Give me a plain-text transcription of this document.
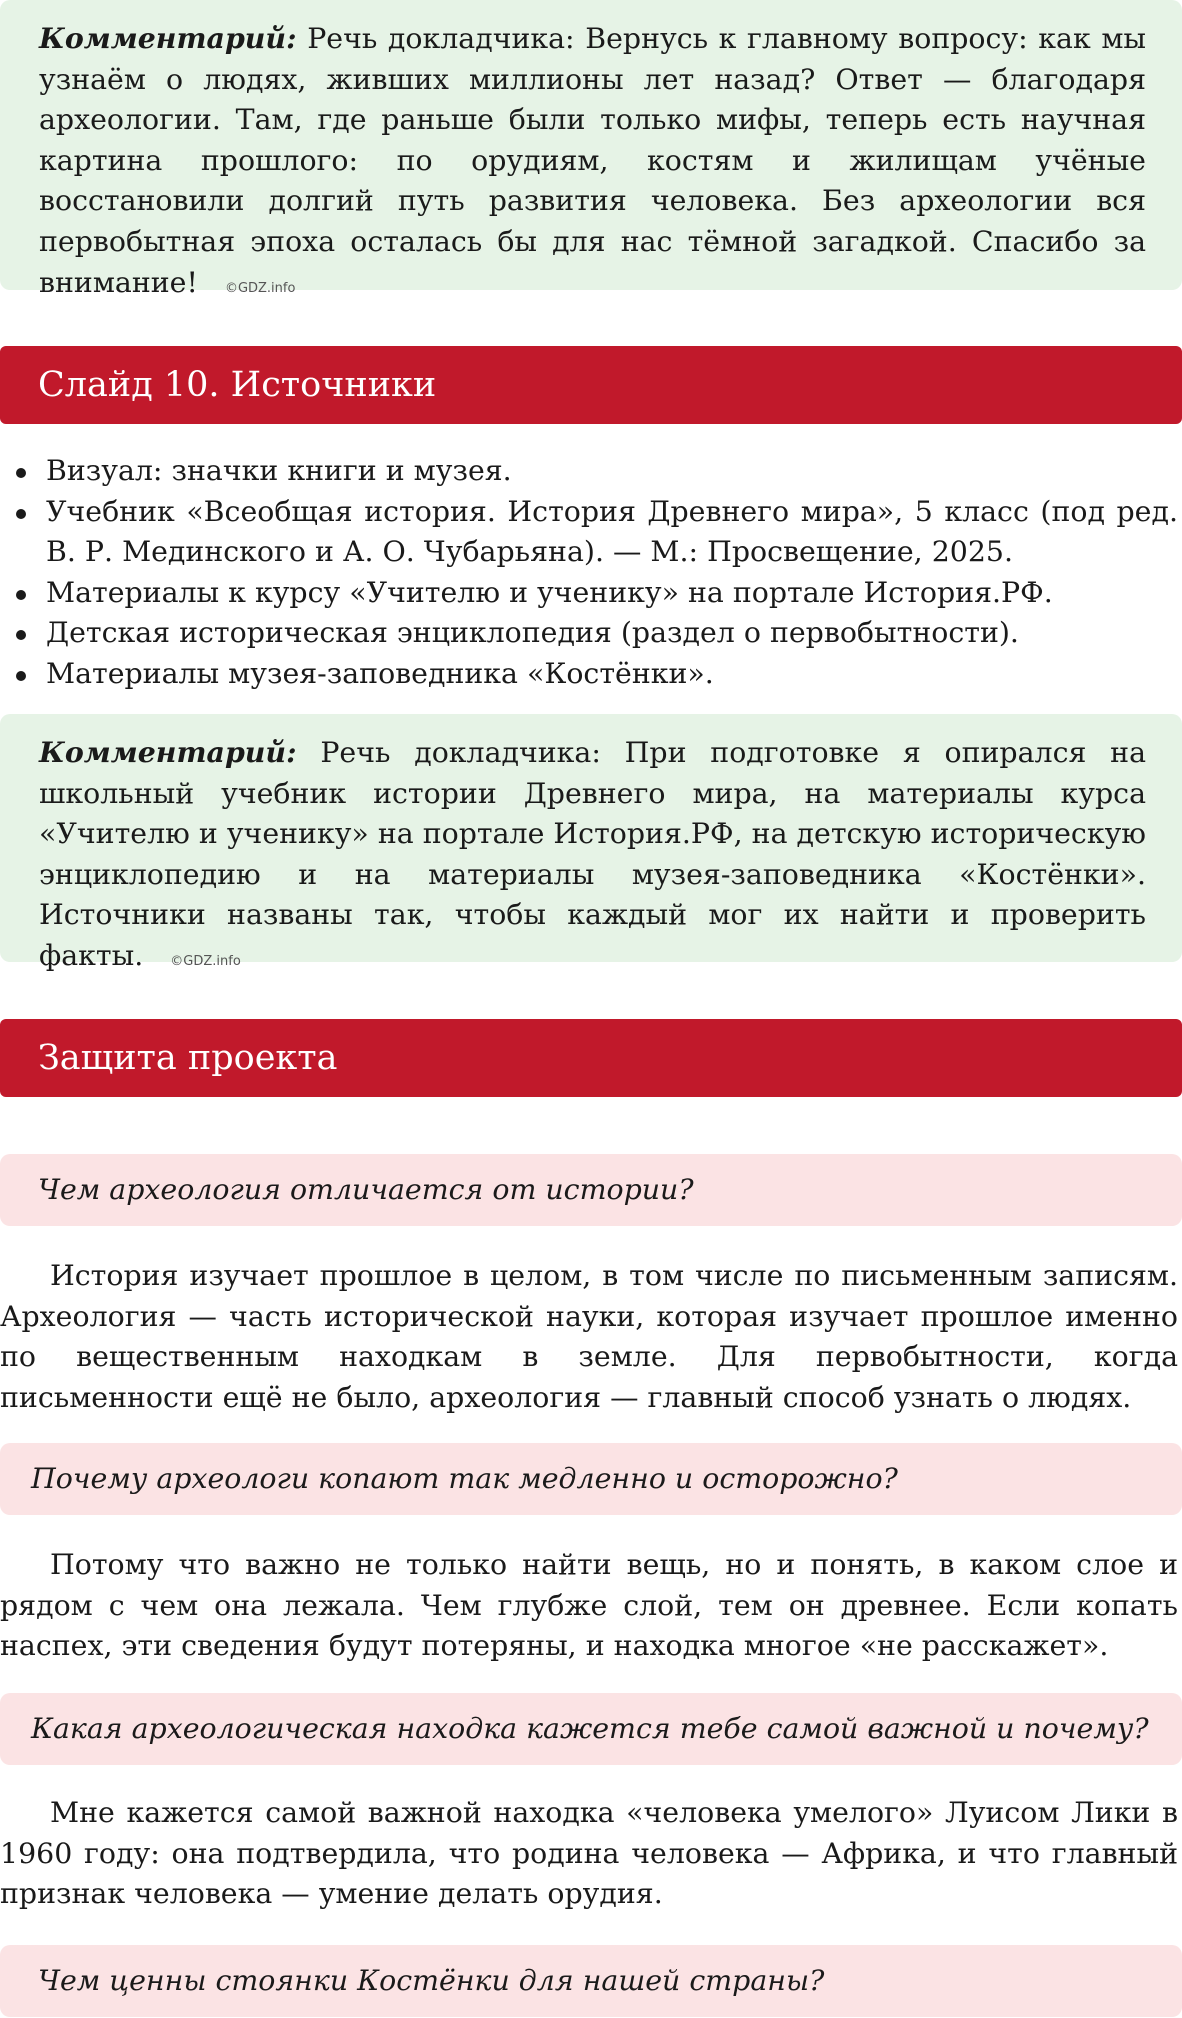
Комментарий: Речь докладчика: Вернусь к главному вопросу: как мы узнаём о людях, живших миллионы лет назад? Ответ — благодаря археологии. Там, где раньше были только мифы, теперь есть научная картина прошлого: по орудиям, костям и жилищам учёные восстановили долгий путь развития человека. Без археологии вся первобытная эпоха осталась бы для нас тёмной загадкой. Спасибо за внимание! ©GDZ.info
Слайд 10. Источники
Визуал: значки книги и музея.
Учебник «Всеобщая история. История Древнего мира», 5 класс (под ред. В. Р. Мединского и А. О. Чубарьяна). — М.: Просвещение, 2025.
Материалы к курсу «Учителю и ученику» на портале История.РФ.
Детская историческая энциклопедия (раздел о первобытности).
Материалы музея-заповедника «Костёнки».
Комментарий: Речь докладчика: При подготовке я опирался на школьный учебник истории Древнего мира, на материалы курса «Учителю и ученику» на портале История.РФ, на детскую историческую энциклопедию и на материалы музея-заповедника «Костёнки». Источники названы так, чтобы каждый мог их найти и проверить факты. ©GDZ.info
Защита проекта
Чем археология отличается от истории?
История изучает прошлое в целом, в том числе по письменным записям. Археология — часть исторической науки, которая изучает прошлое именно по вещественным находкам в земле. Для первобытности, когда письменности ещё не было, археология — главный способ узнать о людях.
Почему археологи копают так медленно и осторожно?
Потому что важно не только найти вещь, но и понять, в каком слое и рядом с чем она лежала. Чем глубже слой, тем он древнее. Если копать наспех, эти сведения будут потеряны, и находка многое «не расскажет».
Какая археологическая находка кажется тебе самой важной и почему?
Мне кажется самой важной находка «человека умелого» Луисом Лики в 1960 году: она подтвердила, что родина человека — Африка, и что главный признак человека — умение делать орудия.
Чем ценны стоянки Костёнки для нашей страны?
